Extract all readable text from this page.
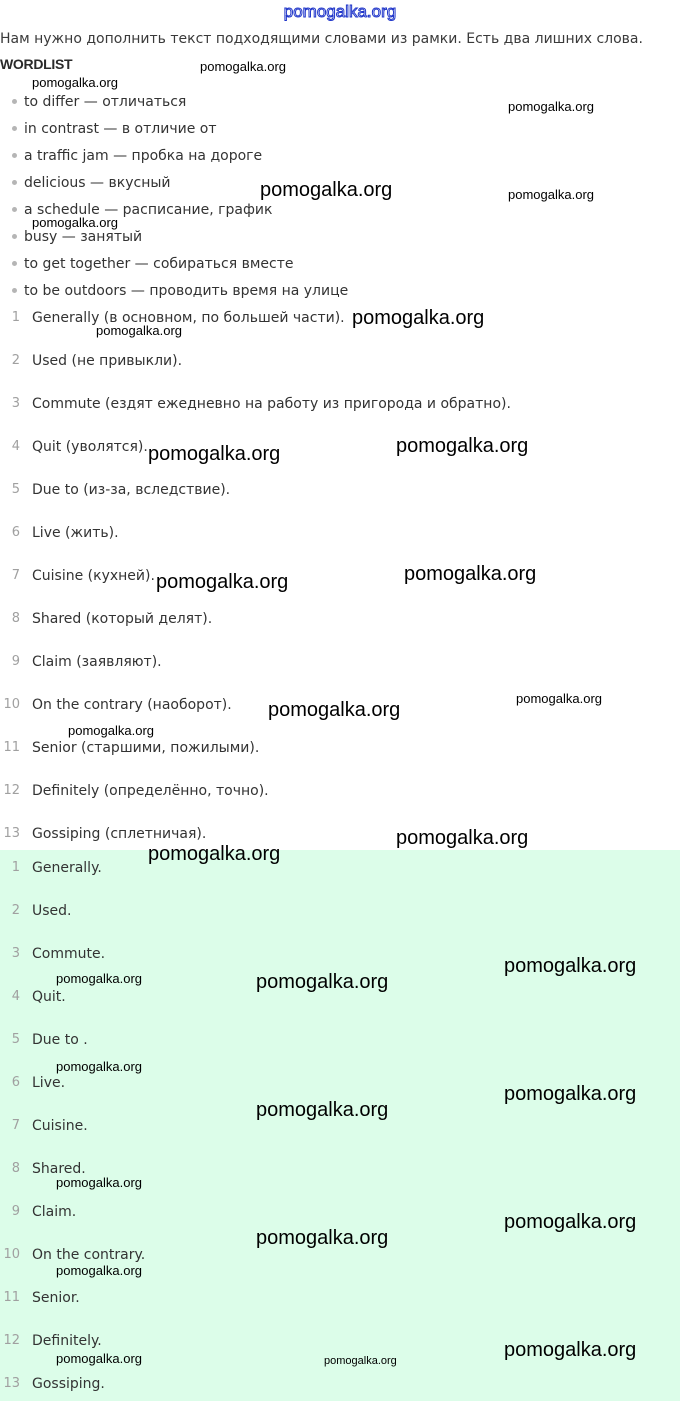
pomogalka.org
Нам нужно дополнить текст подходящими словами из рамки. Есть два лишних слова.
WORDLIST
to differ — отличаться
in contrast — в отличие от
a traffic jam — пробка на дороге
delicious — вкусный
a schedule — расписание, график
busy — занятый
to get together — собираться вместе
to be outdoors — проводить время на улице
1 Generally (в основном, по большей части).
2 Used (не привыкли).
3 Commute (ездят ежедневно на работу из пригорода и обратно).
4 Quit (уволятся).
5 Due to (из-за, вследствие).
6 Live (жить).
7 Cuisine (кухней).
8 Shared (который делят).
9 Claim (заявляют).
10 On the contrary (наоборот).
11 Senior (старшими, пожилыми).
12 Definitely (определённо, точно).
13 Gossiping (сплетничая).
1 Generally.
2 Used.
3 Commute.
4 Quit.
5 Due to .
6 Live.
7 Cuisine.
8 Shared.
9 Claim.
10 On the contrary.
11 Senior.
12 Definitely.
13 Gossiping.
pomogalka.org
pomogalka.org
pomogalka.org
pomogalka.org	pomogalka.org
pomogalka.org
pomogalka.org
pomogalka.org
pomogalka.org
pomogalka.org
pomogalka.org
pomogalka.org
pomogalka.org
pomogalka.org
pomogalka.org
pomogalka.org
pomogalka.org
pomogalka.org
pomogalka.org	pomogalka.org
pomogalka.org
pomogalka.org
pomogalka.org
pomogalka.org
pomogalka.org
pomogalka.org
pomogalka.org
pomogalka.org
pomogalka.org	pomogalka.org
